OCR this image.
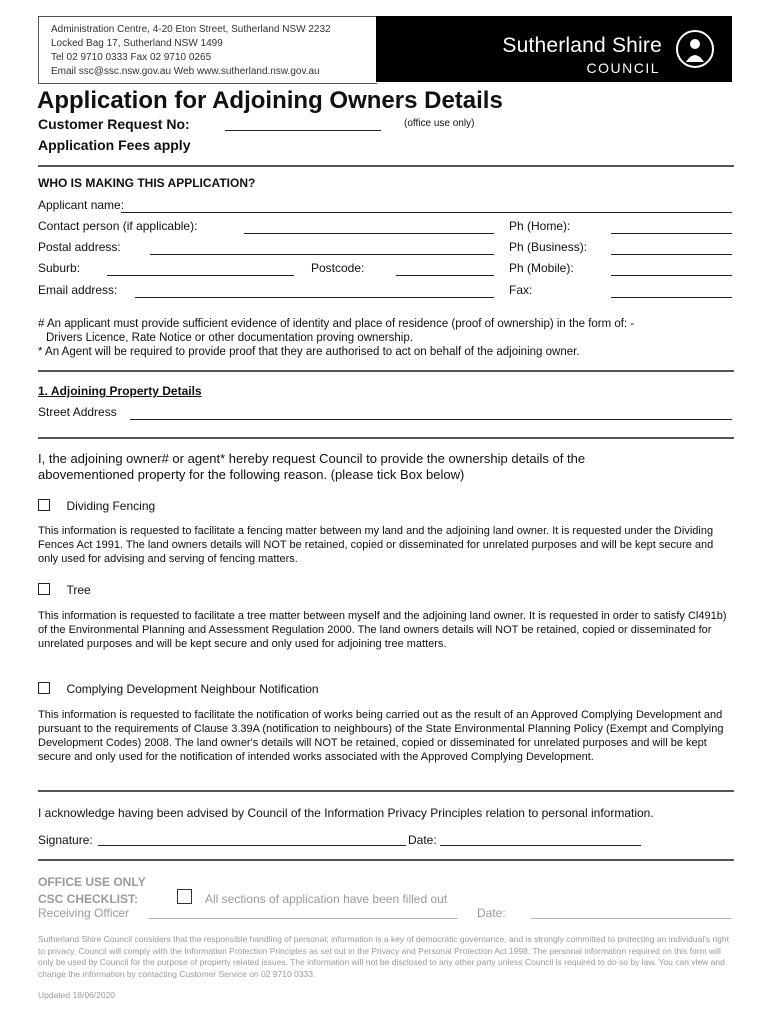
Administration Centre, 4-20 Eton Street, Sutherland NSW 2232
Locked Bag 17, Sutherland NSW 1499
Tel 02 9710 0333 Fax 02 9710 0265
Email ssc@ssc.nsw.gov.au Web www.sutherland.nsw.gov.au
Sutherland Shire
COUNCIL
Application for Adjoining Owners Details
Customer Request No:	(office use only)
Application Fees apply
WHO IS MAKING THIS APPLICATION?
Applicant name:
Contact person (if applicable):	Ph (Home):
Postal address:	Ph (Business):
Suburb:	Postcode:	Ph (Mobile):
Email address:	Fax:
# An applicant must provide sufficient evidence of identity and place of residence (proof of ownership) in the form of: -
Drivers Licence, Rate Notice or other documentation proving ownership.
* An Agent will be required to provide proof that they are authorised to act on behalf of the adjoining owner.
1. Adjoining Property Details
Street Address
I, the adjoining owner# or agent* hereby request Council to provide the ownership details of the abovementioned property for the following reason. (please tick Box below)
Dividing Fencing
This information is requested to facilitate a fencing matter between my land and the adjoining land owner. It is requested under the Dividing Fences Act 1991. The land owners details will NOT be retained, copied or disseminated for unrelated purposes and will be kept secure and only used for advising and serving of fencing matters.
Tree
This information is requested to facilitate a tree matter between myself and the adjoining land owner. It is requested in order to satisfy Cl491b) of the Environmental Planning and Assessment Regulation 2000. The land owners details will NOT be retained, copied or disseminated for unrelated purposes and will be kept secure and only used for adjoining tree matters.
Complying Development Neighbour Notification
This information is requested to facilitate the notification of works being carried out as the result of an Approved Complying Development and pursuant to the requirements of Clause 3.39A (notification to neighbours) of the State Environmental Planning Policy (Exempt and Complying Development Codes) 2008. The land owner's details will NOT be retained, copied or disseminated for unrelated purposes and will be kept secure and only used for the notification of intended works associated with the Approved Complying Development.
I acknowledge having been advised by Council of the Information Privacy Principles relation to personal information.
Signature:	Date:
OFFICE USE ONLY
CSC CHECKLIST:	All sections of application have been filled out
Receiving Officer	Date:
Sutherland Shire Council considers that the responsible handling of personal; information is a key of democratic governance, and is strongly committed to protecting an individual's right to privacy. Council will comply with the Information Protection Principles as set out in the Privacy and Personal Protection Act 1998. The personal information required on this form will only be used by Council for the purpose of property related issues. The information will not be disclosed to any other party unless Council is required to do so by law. You can view and change the information by contacting Customer Service on 02 9710 0333.
Updated 18/06/2020
